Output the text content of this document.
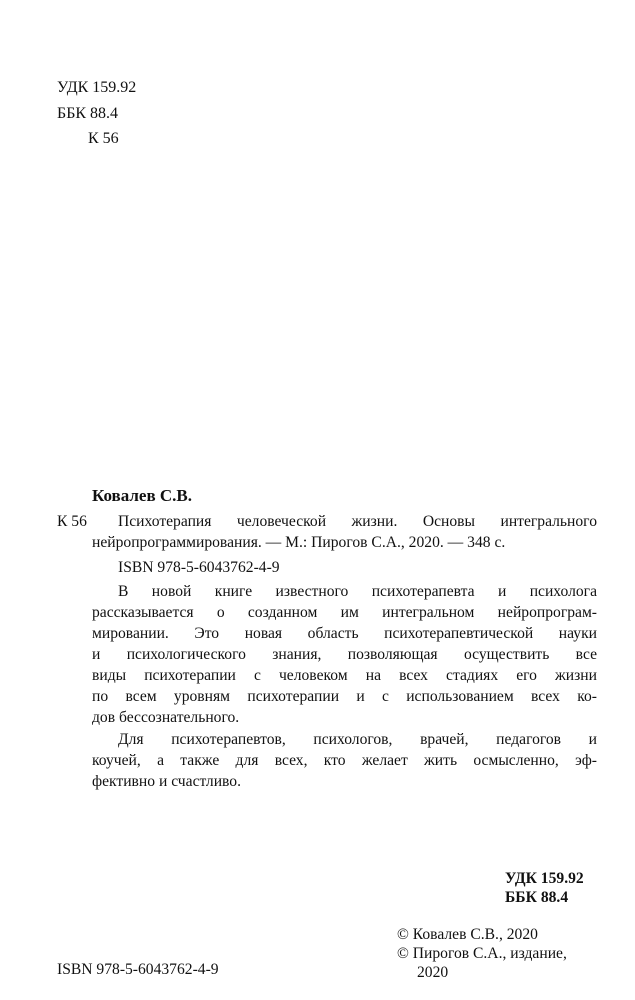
УДК 159.92
ББК 88.4
К 56
Ковалев С.В.
К 56	Психотерапия человеческой жизни. Основы интегрального
нейропрограммирования. — М.: Пирогов С.А., 2020. — 348 с.
ISBN 978-5-6043762-4-9
В новой книге известного психотерапевта и психолога
рассказывается о созданном им интегральном нейропрограм-
мировании. Это новая область психотерапевтической науки
и психологического знания, позволяющая осуществить все
виды психотерапии с человеком на всех стадиях его жизни
по всем уровням психотерапии и с использованием всех ко-
дов бессознательного.
Для психотерапевтов, психологов, врачей, педагогов и
коучей, а также для всех, кто желает жить осмысленно, эф-
фективно и счастливо.
УДК 159.92
ББК 88.4
ISBN 978-5-6043762-4-9
© Ковалев С.В., 2020
© Пирогов С.А., издание,
2020
